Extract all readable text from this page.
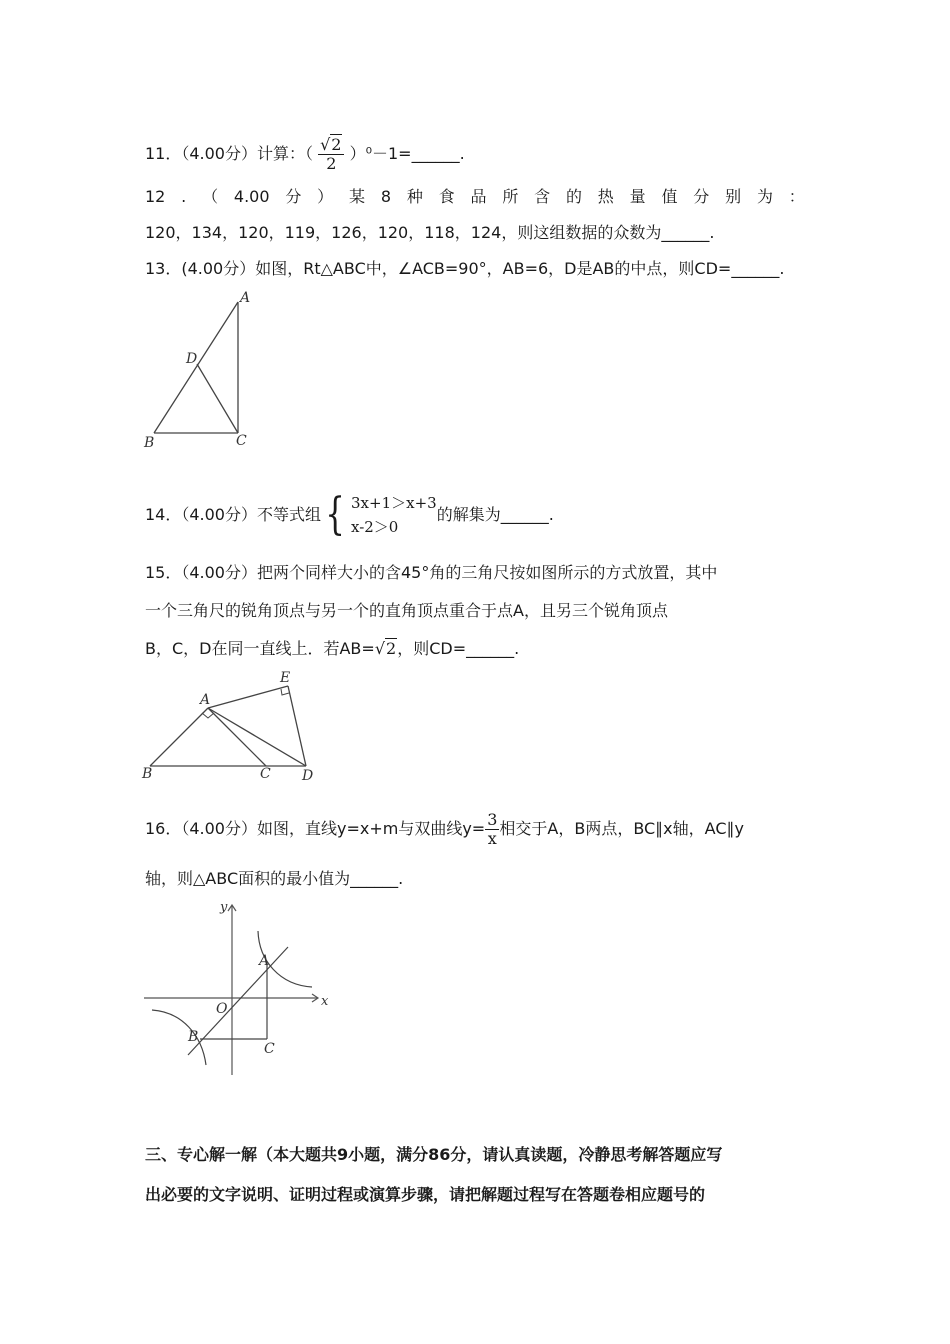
11．（4.00分）计算：（ $\frac{√2}{2}$ ）⁰－1=______.
12 . （ 4.00 分 ） 某 8 种 食 品 所 含 的 热 量 值 分 别 为 ：
120，134，120，119，126，120，118，124，则这组数据的众数为______.
13．(4.00分）如图，Rt△ABC中，∠ACB=90°，AB=6，D是AB的中点，则CD=______.
A
D
B	C
14．（4.00分）不等式组 { 3x+1＞x+3
x-2＞0
的解集为 ______ .
15．（4.00分）把两个同样大小的含45°角的三角尺按如图所示的方式放置，其中
一个三角尺的锐角顶点与另一个的直角顶点重合于点A，且另三个锐角顶点
B，C，D在同一直线上．若AB=√2，则CD=______.
A
E
B	C D
16．（4.00分）如图，直线y=x+m与双曲线$y= \frac{3}{x}$ 相交于A，B两点，BC∥x轴，AC∥y
轴，则△ABC面积的最小值为______.
A
B
C
O	x
y
三、专心解一解（本大题共9小题，满分86分，请认真读题，冷静思考解答题应写
出必要的文字说明、证明过程或演算步骤，请把解题过程写在答题卷相应题号的
